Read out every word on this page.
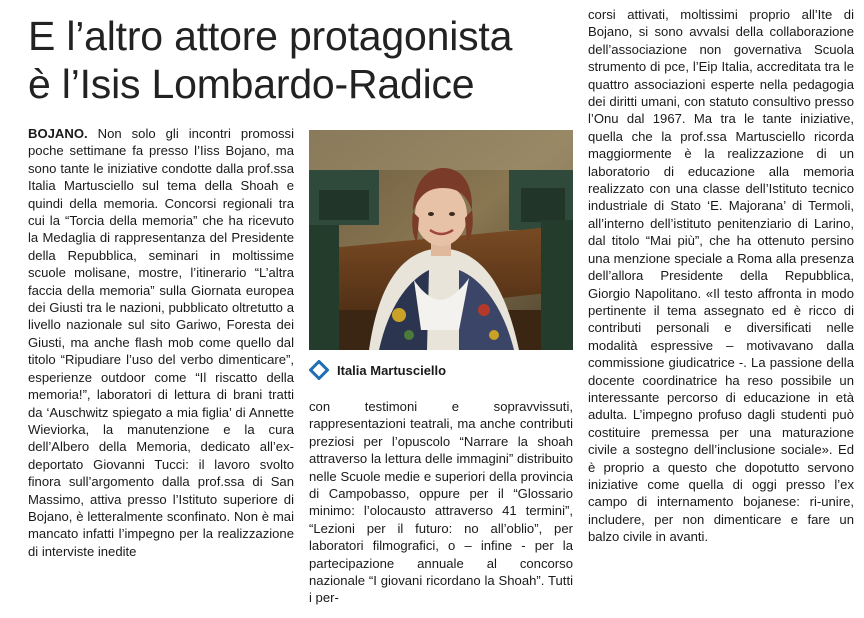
E l’altro attore protagonista
è l’Isis Lombardo-Radice
BOJANO. Non solo gli incontri promossi poche settimane fa presso l’Iiss Bojano, ma sono tante le iniziative condotte dalla prof.ssa Italia Martusciello sul tema della Shoah e quindi della memoria. Concorsi regionali tra cui la “Torcia della memoria” che ha ricevuto la Medaglia di rappresentanza del Presidente della Repubblica, seminari in moltissime scuole molisane, mostre, l’itinerario “L’altra faccia della memoria” sulla Giornata europea dei Giusti tra le nazioni, pubblicato oltretutto a livello nazionale sul sito Gariwo, Foresta dei Giusti, ma anche flash mob come quello dal titolo “Ripudiare l’uso del verbo dimenticare”, esperienze outdoor come “Il riscatto della memoria!”, laboratori di lettura di brani tratti da ‘Auschwitz spiegato a mia figlia’ di Annette Wieviorka, la manutenzione e la cura dell’Albero della Memoria, dedicato all’ex-deportato Giovanni Tucci: il lavoro svolto finora sull’argomento dalla prof.ssa di San Massimo, attiva presso l’Istituto superiore di Bojano, è letteralmente sconfinato. Non è mai mancato infatti l’impegno per la realizzazione di interviste inedite
Italia Martusciello
con testimoni e sopravvissuti, rappresentazioni teatrali, ma anche contributi preziosi per l’opuscolo “Narrare la shoah attraverso la lettura delle immagini” distribuito nelle Scuole medie e superiori della provincia di Campobasso, oppure per il “Glossario minimo: l’olocausto attraverso 41 termini”, “Lezioni per il futuro: no all’oblio”, per laboratori filmografici, o – infine - per la partecipazione annuale al concorso nazionale “I giovani ricordano la Shoah”. Tutti i per-
corsi attivati, moltissimi proprio all’Ite di Bojano, si sono avvalsi della collaborazione dell’associazione non governativa Scuola strumento di pce, l’Eip Italia, accreditata tra le quattro associazioni esperte nella pedagogia dei diritti umani, con statuto consultivo presso l’Onu dal 1967. Ma tra le tante iniziative, quella che la prof.ssa Martusciello ricorda maggiormente è la realizzazione di un laboratorio di educazione alla memoria realizzato con una classe dell’Istituto tecnico industriale di Stato ‘E. Majorana’ di Termoli, all’interno dell’istituto penitenziario di Larino, dal titolo “Mai più”, che ha ottenuto persino una menzione speciale a Roma alla presenza dell’allora Presidente della Repubblica, Giorgio Napolitano. «Il testo affronta in modo pertinente il tema assegnato ed è ricco di contributi personali e diversificati nelle modalità espressive – motivavano dalla commissione giudicatrice -. La passione della docente coordinatrice ha reso possibile un interessante percorso di educazione in età adulta. L’impegno profuso dagli studenti può costituire premessa per una maturazione civile a sostegno dell’inclusione sociale». Ed è proprio a questo che dopotutto servono iniziative come quella di oggi presso l’ex campo di internamento bojanese: ri-unire, includere, per non dimenticare e fare un balzo civile in avanti.
